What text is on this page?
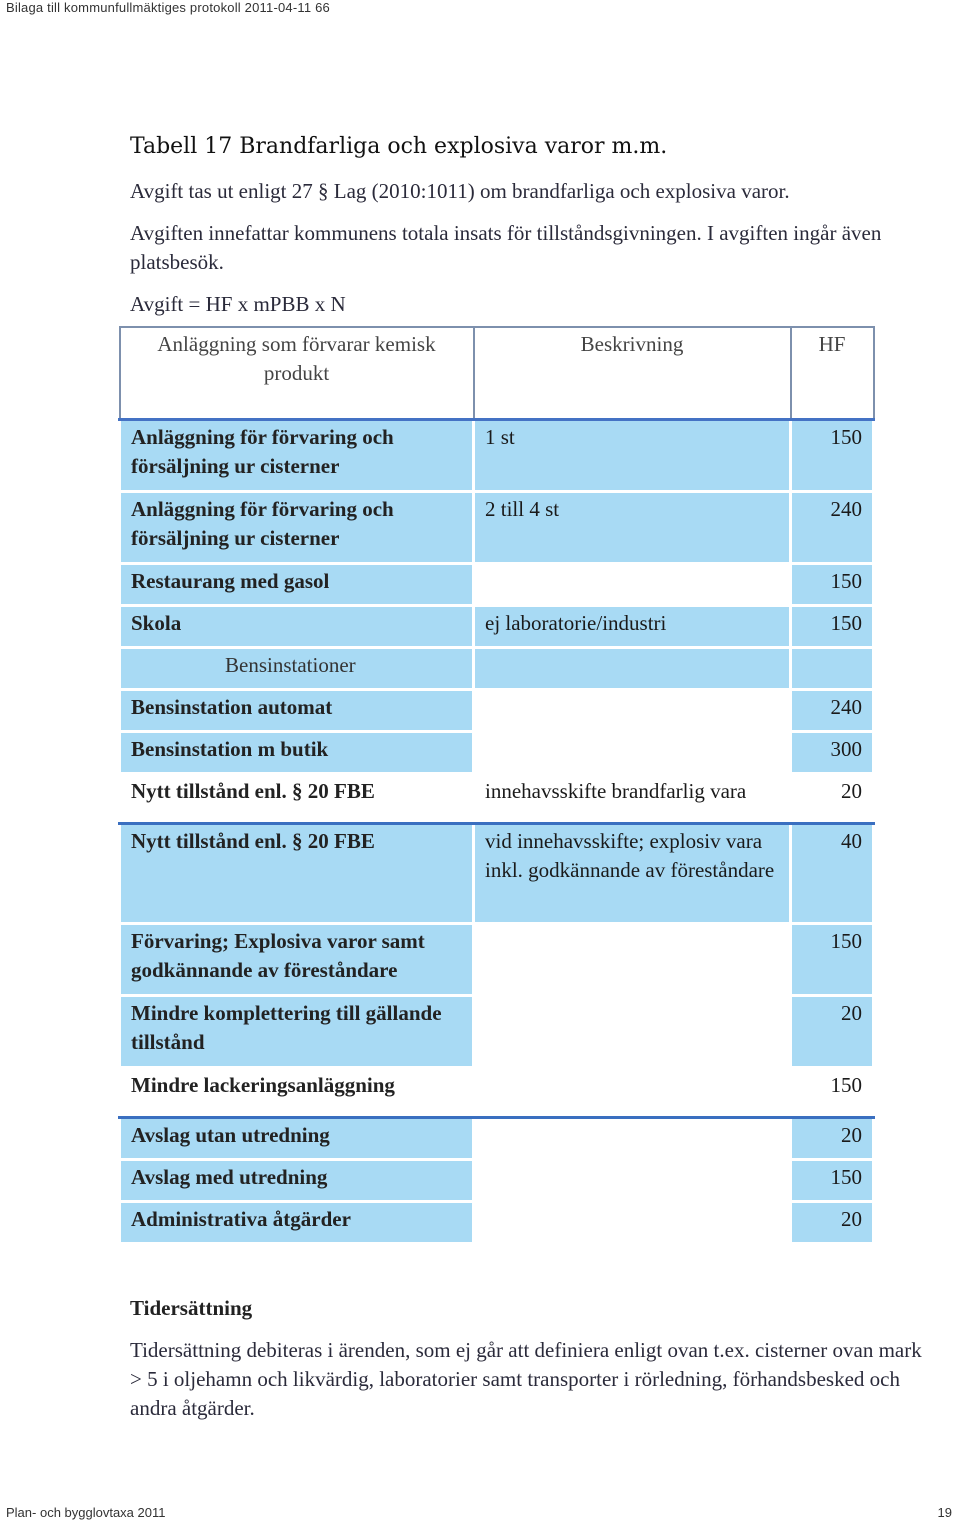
Bilaga till kommunfullmäktiges protokoll 2011-04-11 66
Tabell 17 Brandfarliga och explosiva varor m.m.
Avgift tas ut enligt 27 § Lag (2010:1011) om brandfarliga och explosiva varor.
Avgiften innefattar kommunens totala insats för tillståndsgivningen. I avgiften ingår även platsbesök.
Avgift = HF x mPBB x N
Anläggning som förvarar kemisk produkt	Beskrivning	HF
Anläggning för förvaring och försäljning ur cisterner	1 st	150
Anläggning för förvaring och försäljning ur cisterner	2 till 4 st	240
Restaurang med gasol		150
Skola	ej laboratorie/industri	150
Bensinstationer		
Bensinstation automat		240
Bensinstation m butik		300
Nytt tillstånd enl. § 20 FBE	innehavsskifte brandfarlig vara	20
Nytt tillstånd enl. § 20 FBE	vid innehavsskifte; explosiv vara inkl. godkännande av föreståndare	40
Förvaring; Explosiva varor samt godkännande av föreståndare		150
Mindre komplettering till gällande tillstånd		20
Mindre lackeringsanläggning		150
Avslag utan utredning		20
Avslag med utredning		150
Administrativa åtgärder		20
Tidersättning
Tidersättning debiteras i ärenden, som ej går att definiera enligt ovan t.ex. cisterner ovan mark > 5 i oljehamn och likvärdig, laboratorier samt transporter i rörledning, förhandsbesked och andra åtgärder.
Plan- och bygglovtaxa 2011	19
